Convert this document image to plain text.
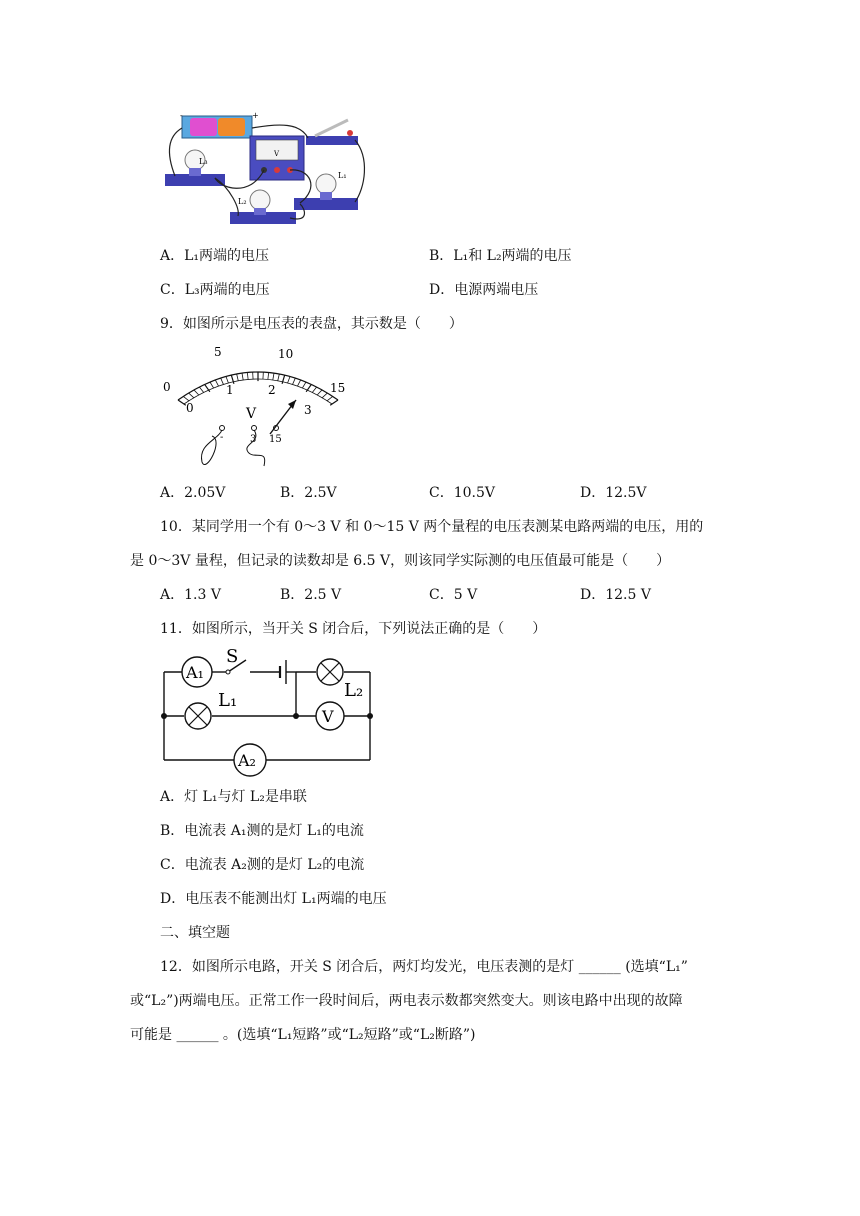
-	+
V
L₃
L₂
L₁
A．L₁两端的电压	B．L₁和 L₂两端的电压
C．L₃两端的电压	D．电源两端电压
9．如图所示是电压表的表盘，其示数是（　　）
0
5	10
15
0
1	2
3
V
-	3 15
A．2.05V	B．2.5V	C．10.5V	D．12.5V
10．某同学用一个有 0～3 V 和 0～15 V 两个量程的电压表测某电路两端的电压，用的
是 0～3V 量程，但记录的读数却是 6.5 V，则该同学实际测的电压值最可能是（　　）
A．1.3 V	B．2.5 V	C．5 V	D．12.5 V
11．如图所示，当开关 S 闭合后，下列说法正确的是（　　）
A₁
S
L₁	L₂
V
A₂
A．灯 L₁与灯 L₂是串联
B．电流表 A₁测的是灯 L₁的电流
C．电流表 A₂测的是灯 L₂的电流
D．电压表不能测出灯 L₁两端的电压
二、填空题
12．如图所示电路，开关 S 闭合后，两灯均发光，电压表测的是灯 ______ (选填“L₁”
或“L₂”)两端电压。正常工作一段时间后，两电表示数都突然变大。则该电路中出现的故障
可能是 ______ 。(选填“L₁短路”或“L₂短路”或“L₂断路”)
